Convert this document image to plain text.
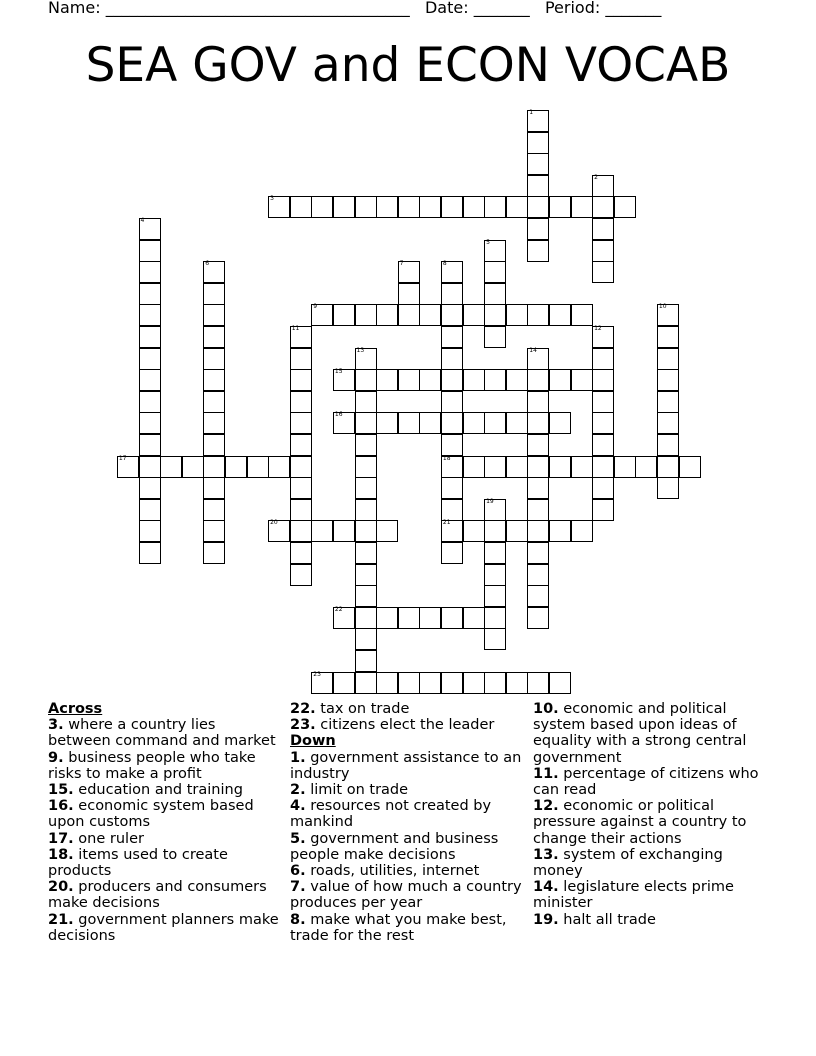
Name: ______________________________________ Date: _______ Period: _______
SEA GOV and ECON VOCAB
1
2
3
4
5
6	7	8
18
21
9	10
11	12
13	14
15
16
17
19
20
22
23
Across
3. where a country lies between command and market
9. business people who take risks to make a profit
15. education and training
16. economic system based upon customs
17. one ruler
18. items used to create products
20. producers and consumers make decisions
21. government planners make decisions
22. tax on trade
23. citizens elect the leader
Down
1. government assistance to an industry
2. limit on trade
4. resources not created by mankind
5. government and business people make decisions
6. roads, utilities, internet
7. value of how much a country produces per year
8. make what you make best, trade for the rest
10. economic and political system based upon ideas of equality with a strong central government
11. percentage of citizens who can read
12. economic or political pressure against a country to change their actions
13. system of exchanging money
14. legislature elects prime minister
19. halt all trade
